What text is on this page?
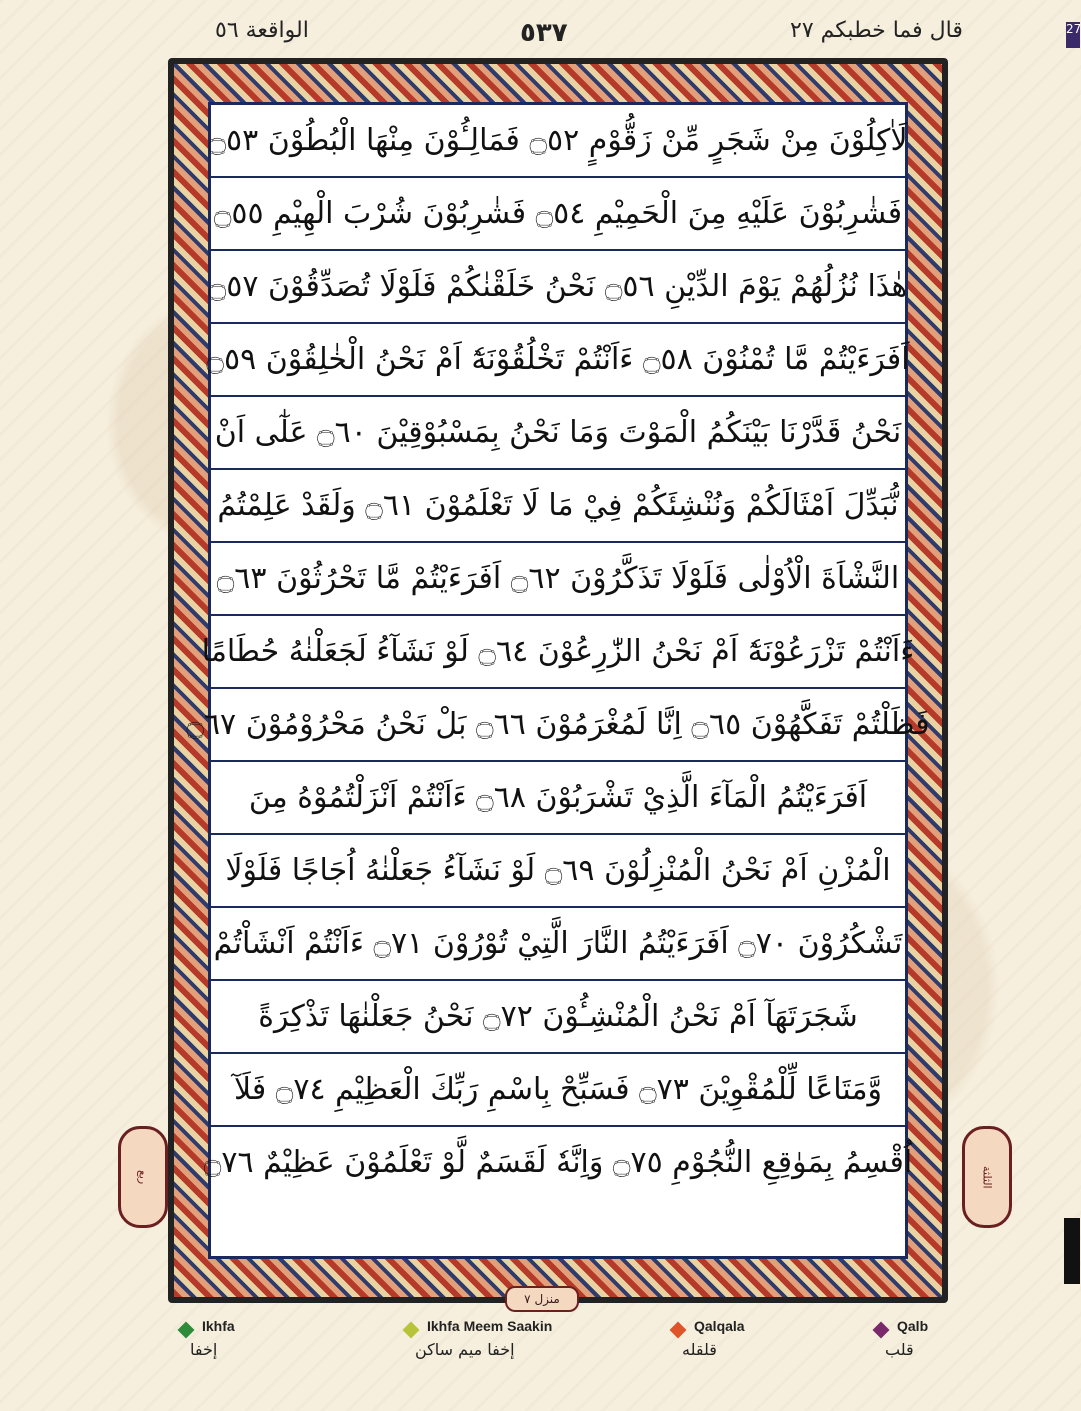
الواقعة ٥٦	٥٣٧	قال فما خطبكم ٢٧	27
لَاٰكِلُوْنَ مِنْ شَجَرٍ مِّنْ زَقُّوْمٍ ۝٥٢ فَمَالِـُٔوْنَ مِنْهَا الْبُطُوْنَ ۝٥٣
فَشٰرِبُوْنَ عَلَيْهِ مِنَ الْحَمِيْمِ ۝٥٤ فَشٰرِبُوْنَ شُرْبَ الْهِيْمِ ۝٥٥
هٰذَا نُزُلُهُمْ يَوْمَ الدِّيْنِ ۝٥٦ نَحْنُ خَلَقْنٰكُمْ فَلَوْلَا تُصَدِّقُوْنَ ۝٥٧
اَفَرَءَيْتُمْ مَّا تُمْنُوْنَ ۝٥٨ ءَاَنْتُمْ تَخْلُقُوْنَهٗٓ اَمْ نَحْنُ الْخٰلِقُوْنَ ۝٥٩
نَحْنُ قَدَّرْنَا بَيْنَكُمُ الْمَوْتَ وَمَا نَحْنُ بِمَسْبُوْقِيْنَ ۝٦٠ عَلٰٓى اَنْ
نُّبَدِّلَ اَمْثَالَكُمْ وَنُنْشِئَكُمْ فِيْ مَا لَا تَعْلَمُوْنَ ۝٦١ وَلَقَدْ عَلِمْتُمُ
النَّشْاَةَ الْاُوْلٰى فَلَوْلَا تَذَكَّرُوْنَ ۝٦٢ اَفَرَءَيْتُمْ مَّا تَحْرُثُوْنَ ۝٦٣
ءَاَنْتُمْ تَزْرَعُوْنَهٗٓ اَمْ نَحْنُ الزّٰرِعُوْنَ ۝٦٤ لَوْ نَشَآءُ لَجَعَلْنٰهُ حُطَامًا
فَظَلْتُمْ تَفَكَّهُوْنَ ۝٦٥ اِنَّا لَمُغْرَمُوْنَ ۝٦٦ بَلْ نَحْنُ مَحْرُوْمُوْنَ ۝٦٧
اَفَرَءَيْتُمُ الْمَآءَ الَّذِيْ تَشْرَبُوْنَ ۝٦٨ ءَاَنْتُمْ اَنْزَلْتُمُوْهُ مِنَ
الْمُزْنِ اَمْ نَحْنُ الْمُنْزِلُوْنَ ۝٦٩ لَوْ نَشَآءُ جَعَلْنٰهُ اُجَاجًا فَلَوْلَا
تَشْكُرُوْنَ ۝٧٠ اَفَرَءَيْتُمُ النَّارَ الَّتِيْ تُوْرُوْنَ ۝٧١ ءَاَنْتُمْ اَنْشَاْتُمْ
شَجَرَتَهَآ اَمْ نَحْنُ الْمُنْشِـُٔوْنَ ۝٧٢ نَحْنُ جَعَلْنٰهَا تَذْكِرَةً
وَّمَتَاعًا لِّلْمُقْوِيْنَ ۝٧٣ فَسَبِّحْ بِاسْمِ رَبِّكَ الْعَظِيْمِ ۝٧٤ فَلَآ
اُقْسِمُ بِمَوٰقِعِ النُّجُوْمِ ۝٧٥ وَاِنَّهٗ لَقَسَمٌ لَّوْ تَعْلَمُوْنَ عَظِيْمٌ ۝٧٦
ربع	الثلثة
منزل ٧
Ikhfa
إخفا
Ikhfa Meem Saakin
إخفا میم ساکن
Qalqala
قلقله
Qalb
قلب
